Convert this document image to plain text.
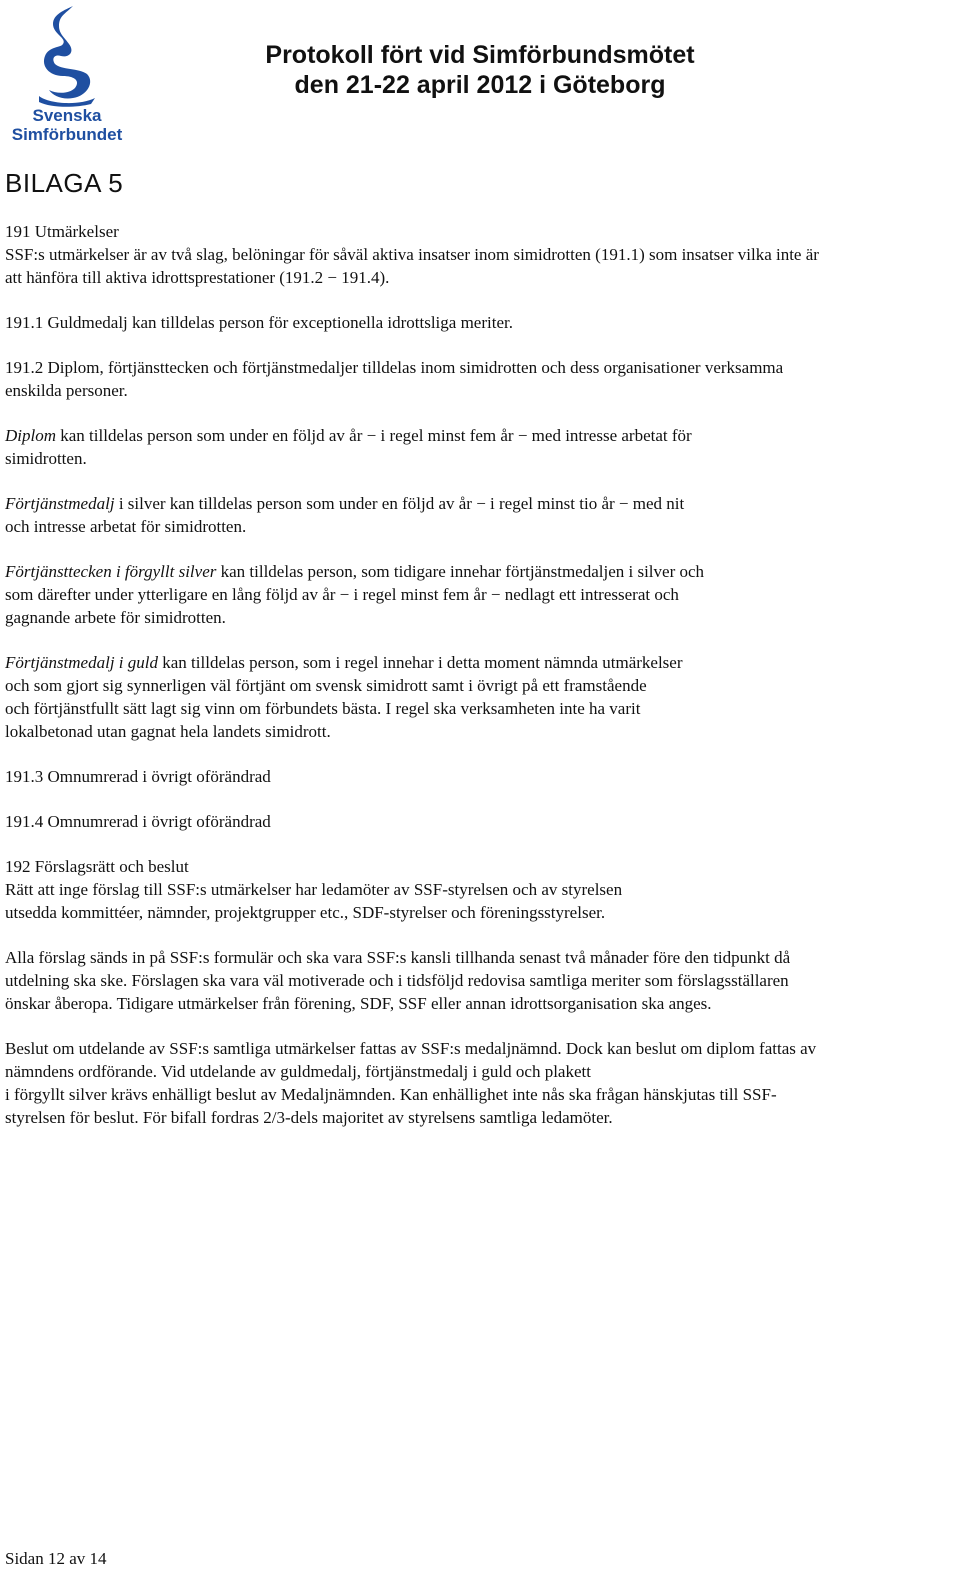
Svenska
Simförbundet
Protokoll fört vid Simförbundsmötet
den 21-22 april 2012 i Göteborg
BILAGA 5

191 Utmärkelser
SSF:s utmärkelser är av två slag, belöningar för såväl aktiva insatser inom simidrotten (191.1) som insatser vilka inte är
att hänföra till aktiva idrottsprestationer (191.2 − 191.4).

191.1 Guldmedalj kan tilldelas person för exceptionella idrottsliga meriter.

191.2 Diplom, förtjänsttecken och förtjänstmedaljer tilldelas inom simidrotten och dess organisationer verksamma
enskilda personer.

Diplom kan tilldelas person som under en följd av år − i regel minst fem år − med intresse arbetat för
simidrotten.

Förtjänstmedalj i silver kan tilldelas person som under en följd av år − i regel minst tio år − med nit
och intresse arbetat för simidrotten.

Förtjänsttecken i förgyllt silver kan tilldelas person, som tidigare innehar förtjänstmedaljen i silver och
som därefter under ytterligare en lång följd av år − i regel minst fem år − nedlagt ett intresserat och
gagnande arbete för simidrotten.

Förtjänstmedalj i guld kan tilldelas person, som i regel innehar i detta moment nämnda utmärkelser
och som gjort sig synnerligen väl förtjänt om svensk simidrott samt i övrigt på ett framstående
och förtjänstfullt sätt lagt sig vinn om förbundets bästa. I regel ska verksamheten inte ha varit
lokalbetonad utan gagnat hela landets simidrott.

191.3 Omnumrerad i övrigt oförändrad

191.4 Omnumrerad i övrigt oförändrad

192 Förslagsrätt och beslut
Rätt att inge förslag till SSF:s utmärkelser har ledamöter av SSF-styrelsen och av styrelsen
utsedda kommittéer, nämnder, projektgrupper etc., SDF-styrelser och föreningsstyrelser.

Alla förslag sänds in på SSF:s formulär och ska vara SSF:s kansli tillhanda senast två månader före den tidpunkt då
utdelning ska ske. Förslagen ska vara väl motiverade och i tidsföljd redovisa samtliga meriter som förslagsställaren
önskar åberopa. Tidigare utmärkelser från förening, SDF, SSF eller annan idrottsorganisation ska anges.

Beslut om utdelande av SSF:s samtliga utmärkelser fattas av SSF:s medaljnämnd. Dock kan beslut om diplom fattas av
nämndens ordförande. Vid utdelande av guldmedalj, förtjänstmedalj i guld och plakett
i förgyllt silver krävs enhälligt beslut av Medaljnämnden. Kan enhällighet inte nås ska frågan hänskjutas till SSF-
styrelsen för beslut. För bifall fordras 2/3-dels majoritet av styrelsens samtliga ledamöter.

Sidan 12 av 14
